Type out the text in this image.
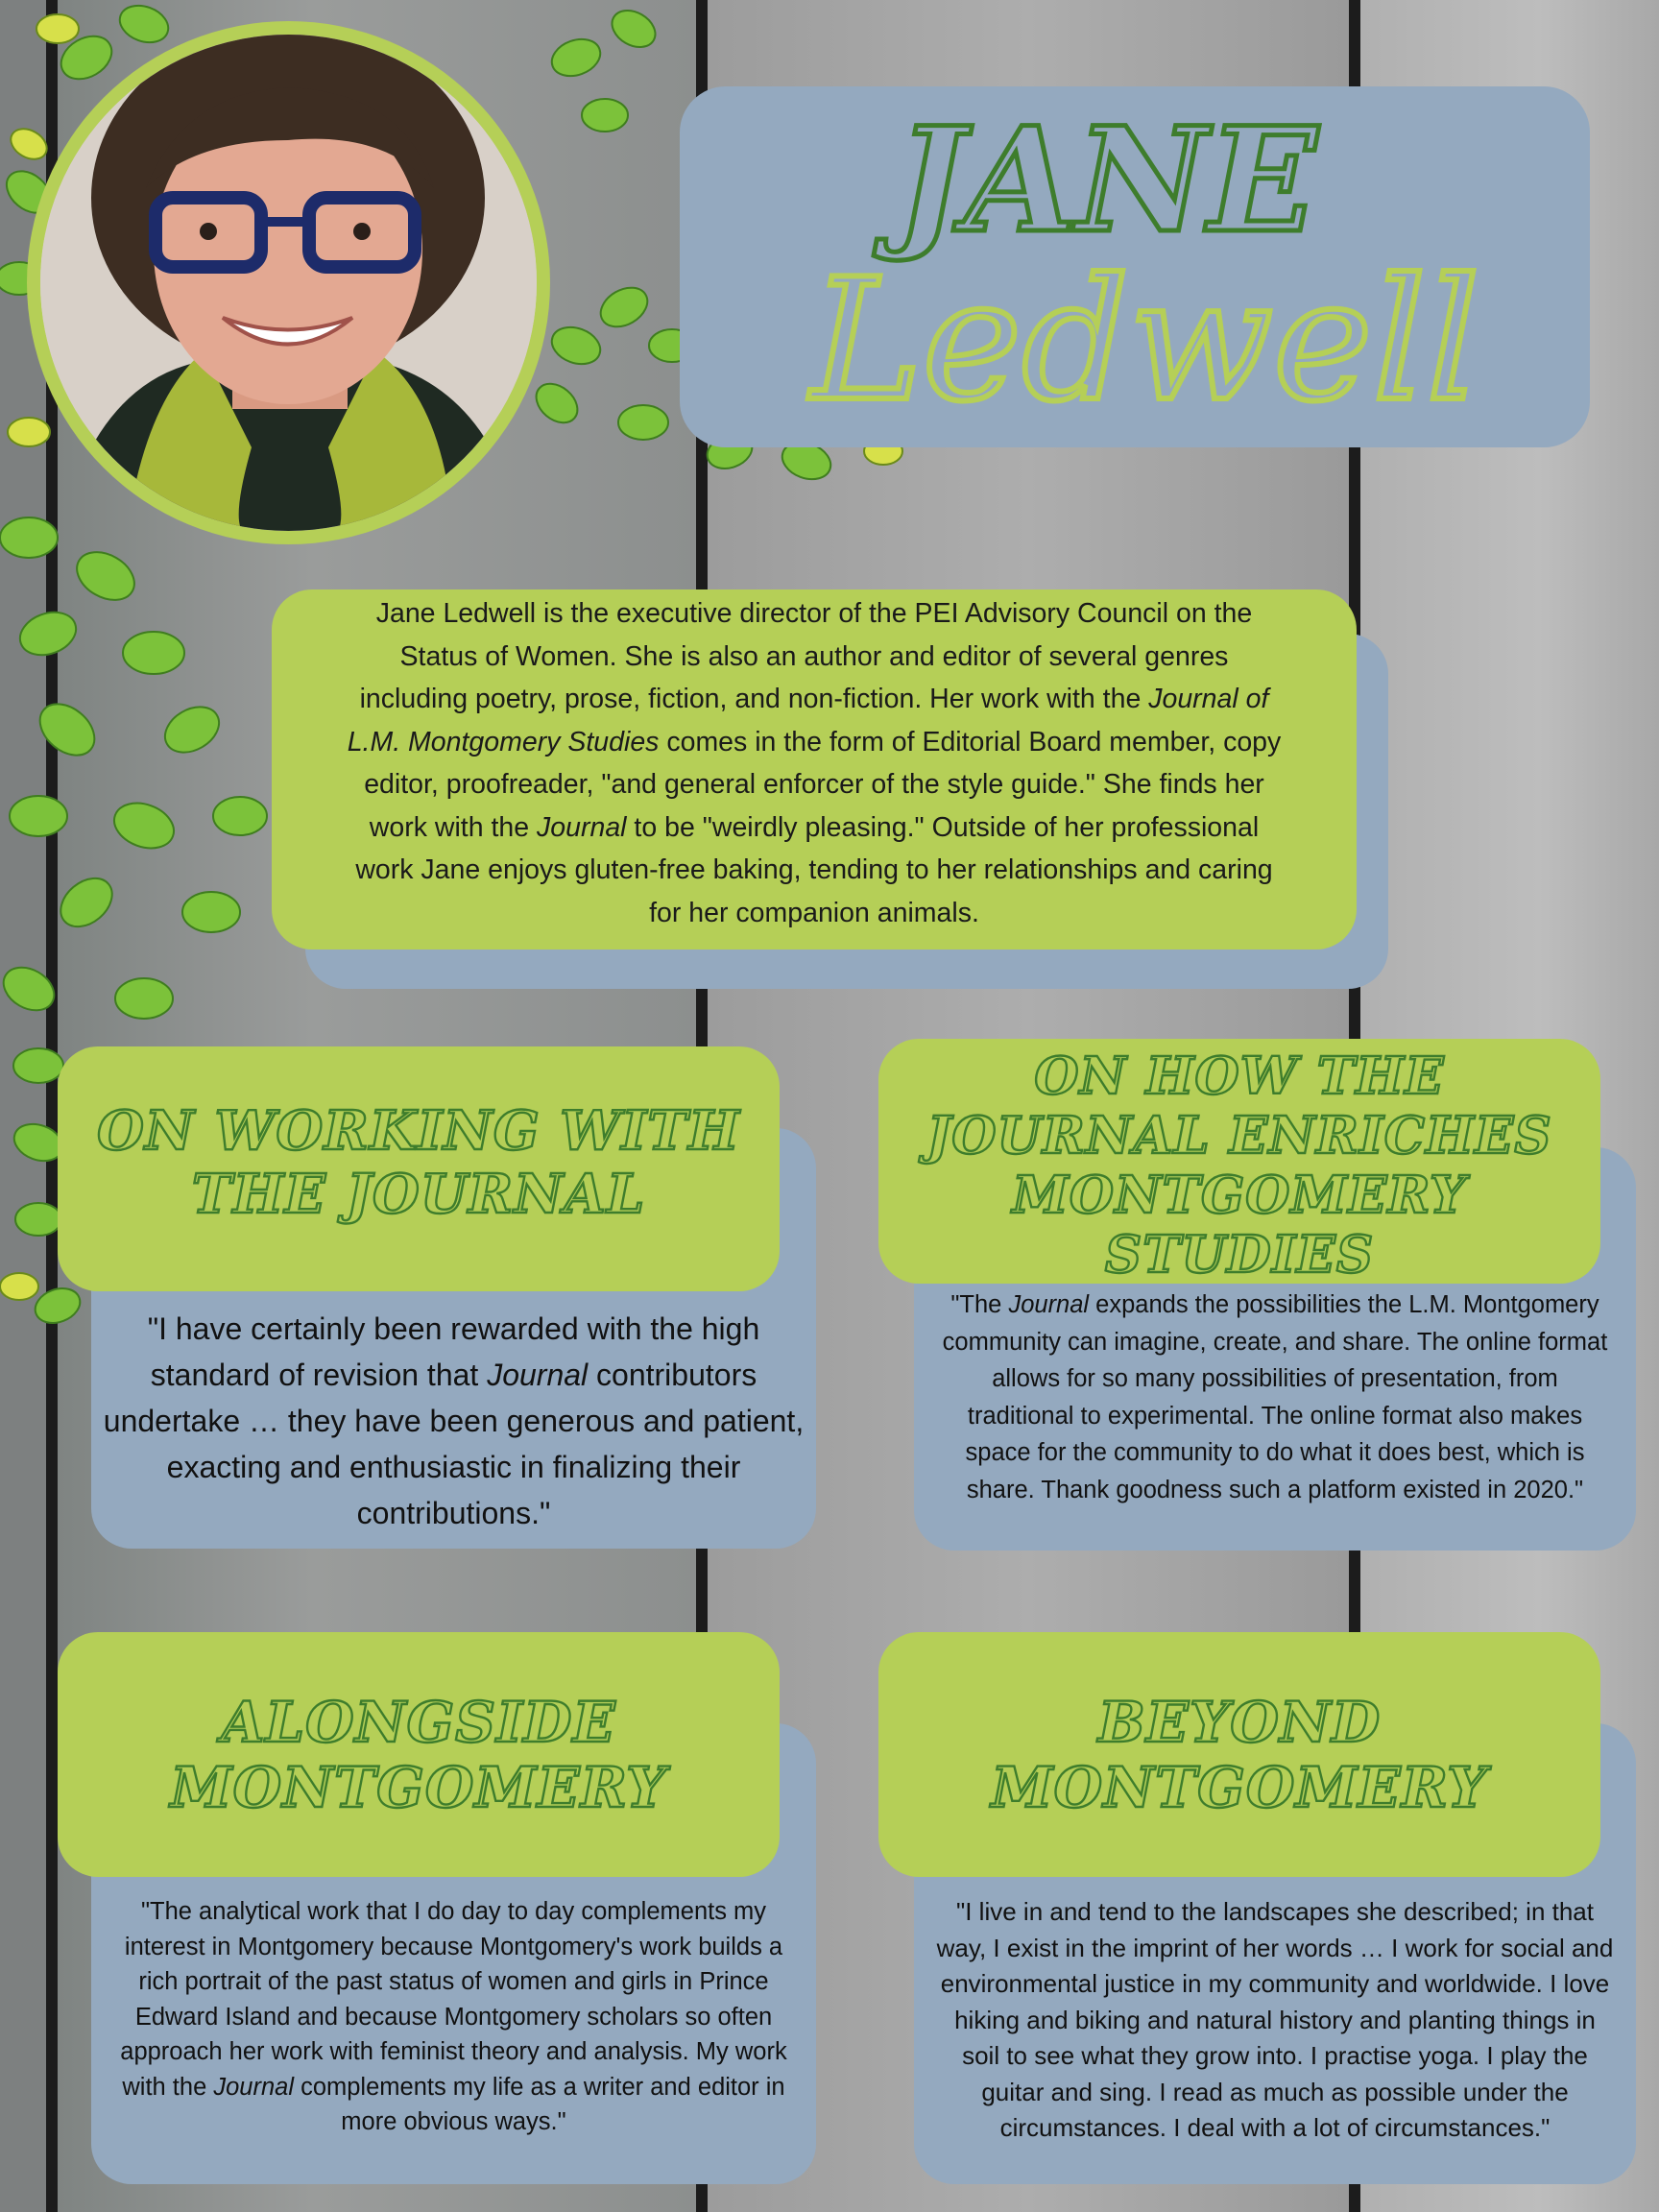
JANE
Ledwell
Jane Ledwell is the executive director of the PEI Advisory Council on the
Status of Women. She is also an author and editor of several genres
including poetry, prose, fiction, and non-fiction. Her work with the Journal of
L.M. Montgomery Studies comes in the form of Editorial Board member, copy
editor, proofreader, "and general enforcer of the style guide." She finds her
work with the Journal to be "weirdly pleasing." Outside of her professional
work Jane enjoys gluten-free baking, tending to her relationships and caring
for her companion animals.
"I have certainly been rewarded with the high
standard of revision that Journal contributors
undertake … they have been generous and patient,
exacting and enthusiastic in finalizing their
contributions."
ON WORKING WITH
THE JOURNAL
"The Journal expands the possibilities the L.M. Montgomery
community can imagine, create, and share. The online format
allows for so many possibilities of presentation, from
traditional to experimental. The online format also makes
space for the community to do what it does best, which is
share. Thank goodness such a platform existed in 2020."
ON HOW THE
JOURNAL ENRICHES
MONTGOMERY
STUDIES
"The analytical work that I do day to day complements my
interest in Montgomery because Montgomery's work builds a
rich portrait of the past status of women and girls in Prince
Edward Island and because Montgomery scholars so often
approach her work with feminist theory and analysis. My work
with the Journal complements my life as a writer and editor in
more obvious ways."
ALONGSIDE
MONTGOMERY
"I live in and tend to the landscapes she described; in that
way, I exist in the imprint of her words … I work for social and
environmental justice in my community and worldwide. I love
hiking and biking and natural history and planting things in
soil to see what they grow into. I practise yoga. I play the
guitar and sing. I read as much as possible under the
circumstances. I deal with a lot of circumstances."
BEYOND
MONTGOMERY
